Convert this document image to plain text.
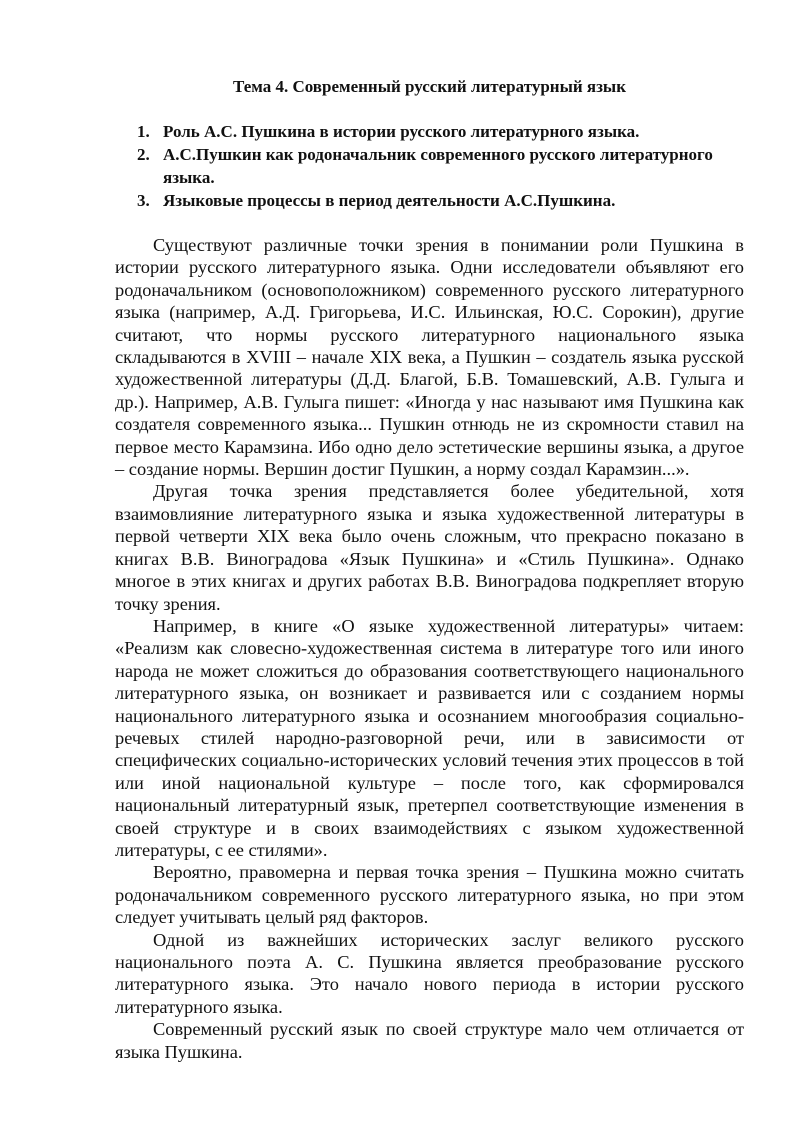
Тема 4. Современный русский литературный язык
1. Роль А.С. Пушкина в истории русского литературного языка.
2. А.С.Пушкин как родоначальник современного русского литературного языка.
3. Языковые процессы в период деятельности А.С.Пушкина.

Существуют различные точки зрения в понимании роли Пушкина в истории русского литературного языка. Одни исследователи объявляют его родоначальником (основоположником) современного русского литературного языка (например, А.Д. Григорьева, И.С. Ильинская, Ю.С. Сорокин), другие считают, что нормы русского литературного национального языка складываются в XVIII – начале XIX века, а Пушкин – создатель языка русской художественной литературы (Д.Д. Благой, Б.В. Томашевский, А.В. Гулыга и др.). Например, А.В. Гулыга пишет: «Иногда у нас называют имя Пушкина как создателя современного языка... Пушкин отнюдь не из скромности ставил на первое место Карамзина. Ибо одно дело эстетические вершины языка, а другое – создание нормы. Вершин достиг Пушкин, а норму создал Карамзин...».

Другая точка зрения представляется более убедительной, хотя взаимовлияние литературного языка и языка художественной литературы в первой четверти XIX века было очень сложным, что прекрасно показано в книгах В.В. Виноградова «Язык Пушкина» и «Стиль Пушкина». Однако многое в этих книгах и других работах В.В. Виноградова подкрепляет вторую точку зрения.

Например, в книге «О языке художественной литературы» читаем: «Реализм как словесно-художественная система в литературе того или иного народа не может сложиться до образования соответствующего национального литературного языка, он возникает и развивается или с созданием нормы национального литературного языка и осознанием многообразия социально-речевых стилей народно-разговорной речи, или в зависимости от специфических социально-исторических условий течения этих процессов в той или иной национальной культуре – после того, как сформировался национальный литературный язык, претерпел соответствующие изменения в своей структуре и в своих взаимодействиях с языком художественной литературы, с ее стилями».

Вероятно, правомерна и первая точка зрения – Пушкина можно считать родоначальником современного русского литературного языка, но при этом следует учитывать целый ряд факторов.

Одной из важнейших исторических заслуг великого русского национального поэта А. С. Пушкина является преобразование русского литературного языка. Это начало нового периода в истории русского литературного языка.

Современный русский язык по своей структуре мало чем отличается от языка Пушкина.
